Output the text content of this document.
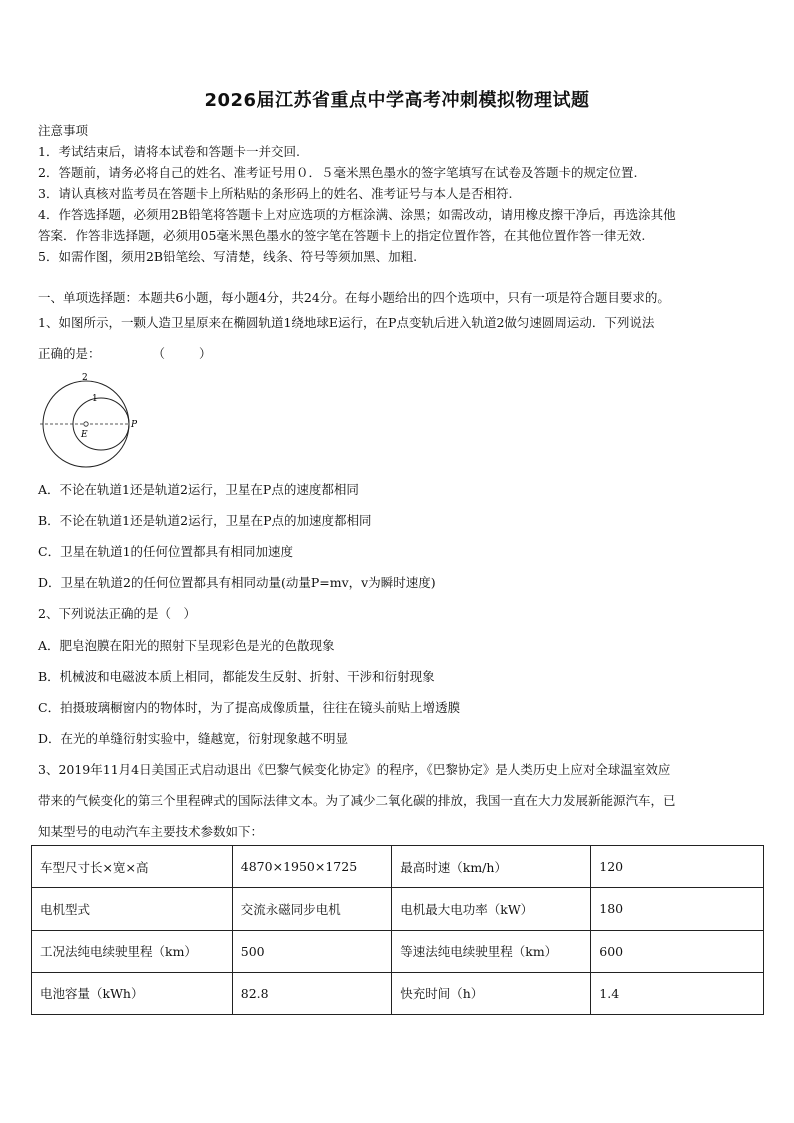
2026届江苏省重点中学高考冲刺模拟物理试题
注意事项
1．考试结束后，请将本试卷和答题卡一并交回.
2．答题前，请务必将自己的姓名、准考证号用０．５毫米黑色墨水的签字笔填写在试卷及答题卡的规定位置.
3．请认真核对监考员在答题卡上所粘贴的条形码上的姓名、准考证号与本人是否相符.
4．作答选择题，必须用2B铅笔将答题卡上对应选项的方框涂满、涂黑；如需改动，请用橡皮擦干净后，再选涂其他
答案．作答非选择题，必须用05毫米黑色墨水的签字笔在答题卡上的指定位置作答，在其他位置作答一律无效.
5．如需作图，须用2B铅笔绘、写清楚，线条、符号等须加黑、加粗.
一、单项选择题：本题共6小题，每小题4分，共24分。在每小题给出的四个选项中，只有一项是符合题目要求的。
1、如图所示，一颗人造卫星原来在椭圆轨道1绕地球E运行，在P点变轨后进入轨道2做匀速圆周运动．下列说法
正确的是：	（	）
2
1
E
P
A．不论在轨道1还是轨道2运行，卫星在P点的速度都相同
B．不论在轨道1还是轨道2运行，卫星在P点的加速度都相同
C．卫星在轨道1的任何位置都具有相同加速度
D．卫星在轨道2的任何位置都具有相同动量(动量P=mv，v为瞬时速度)
2、下列说法正确的是（　）
A．肥皂泡膜在阳光的照射下呈现彩色是光的色散现象
B．机械波和电磁波本质上相同，都能发生反射、折射、干涉和衍射现象
C．拍摄玻璃橱窗内的物体时，为了提高成像质量，往往在镜头前贴上增透膜
D．在光的单缝衍射实验中，缝越宽，衍射现象越不明显
3、2019年11月4日美国正式启动退出《巴黎气候变化协定》的程序，《巴黎协定》是人类历史上应对全球温室效应
带来的气候变化的第三个里程碑式的国际法律文本。为了减少二氧化碳的排放，我国一直在大力发展新能源汽车，已
知某型号的电动汽车主要技术参数如下：
车型尺寸长×宽×高	4870×1950×1725	最高时速（km/h）	120
电机型式	交流永磁同步电机	电机最大电功率（kW）	180
工况法纯电续驶里程（km）	500	等速法纯电续驶里程（km）	600
电池容量（kWh）	82.8	快充时间（h）	1.4
